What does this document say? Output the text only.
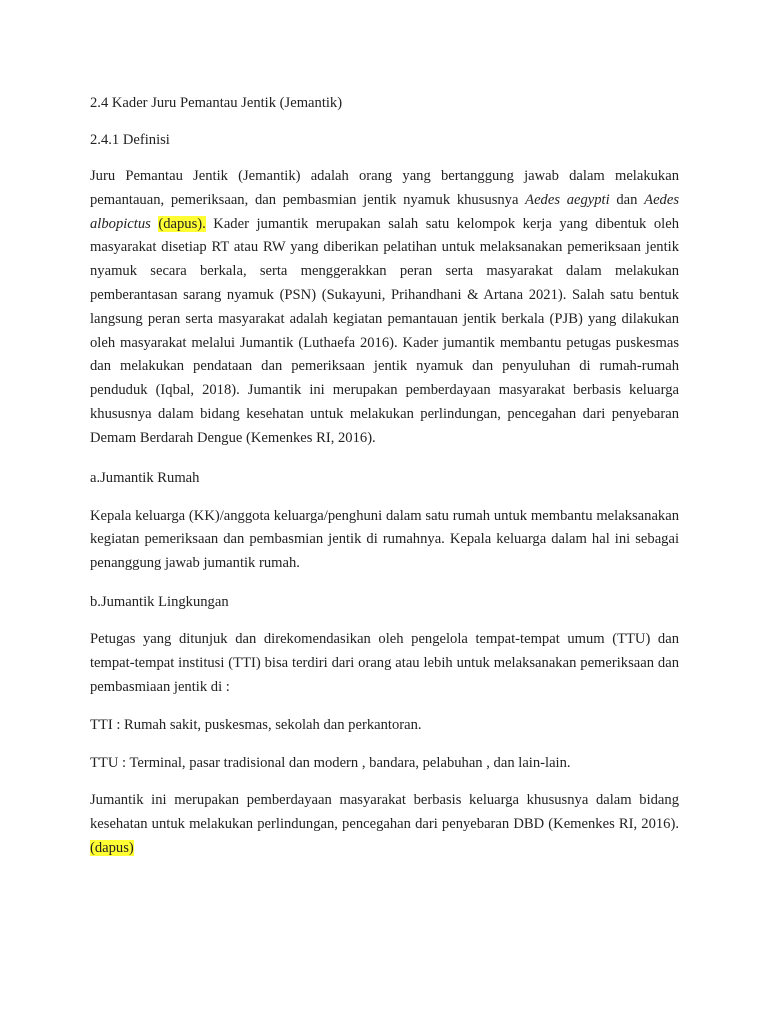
2.4 Kader Juru Pemantau Jentik (Jemantik)

2.4.1 Definisi

Juru Pemantau Jentik (Jemantik) adalah orang yang bertanggung jawab dalam melakukan pemantauan, pemeriksaan, dan pembasmian jentik nyamuk khususnya Aedes aegypti dan Aedes albopictus (dapus). Kader jumantik merupakan salah satu kelompok kerja yang dibentuk oleh masyarakat disetiap RT atau RW yang diberikan pelatihan untuk melaksanakan pemeriksaan jentik nyamuk secara berkala, serta menggerakkan peran serta masyarakat dalam melakukan pemberantasan sarang nyamuk (PSN) (Sukayuni, Prihandhani & Artana 2021). Salah satu bentuk langsung peran serta masyarakat adalah kegiatan pemantauan jentik berkala (PJB) yang dilakukan oleh masyarakat melalui Jumantik (Luthaefa 2016). Kader jumantik membantu petugas puskesmas dan melakukan pendataan dan pemeriksaan jentik nyamuk dan penyuluhan di rumah-rumah penduduk (Iqbal, 2018). Jumantik ini merupakan pemberdayaan masyarakat berbasis keluarga khususnya dalam bidang kesehatan untuk melakukan perlindungan, pencegahan dari penyebaran Demam Berdarah Dengue (Kemenkes RI, 2016).

a.Jumantik Rumah

Kepala keluarga (KK)/anggota keluarga/penghuni dalam satu rumah untuk membantu melaksanakan kegiatan pemeriksaan dan pembasmian jentik di rumahnya. Kepala keluarga dalam hal ini sebagai penanggung jawab jumantik rumah.

b.Jumantik Lingkungan

Petugas yang ditunjuk dan direkomendasikan oleh pengelola tempat-tempat umum (TTU) dan tempat-tempat institusi (TTI) bisa terdiri dari orang atau lebih untuk melaksanakan pemeriksaan dan pembasmiaan jentik di :

TTI : Rumah sakit, puskesmas, sekolah dan perkantoran.

TTU : Terminal, pasar tradisional dan modern , bandara, pelabuhan , dan lain-lain.

Jumantik ini merupakan pemberdayaan masyarakat berbasis keluarga khususnya dalam bidang kesehatan untuk melakukan perlindungan, pencegahan dari penyebaran DBD (Kemenkes RI, 2016). (dapus)
